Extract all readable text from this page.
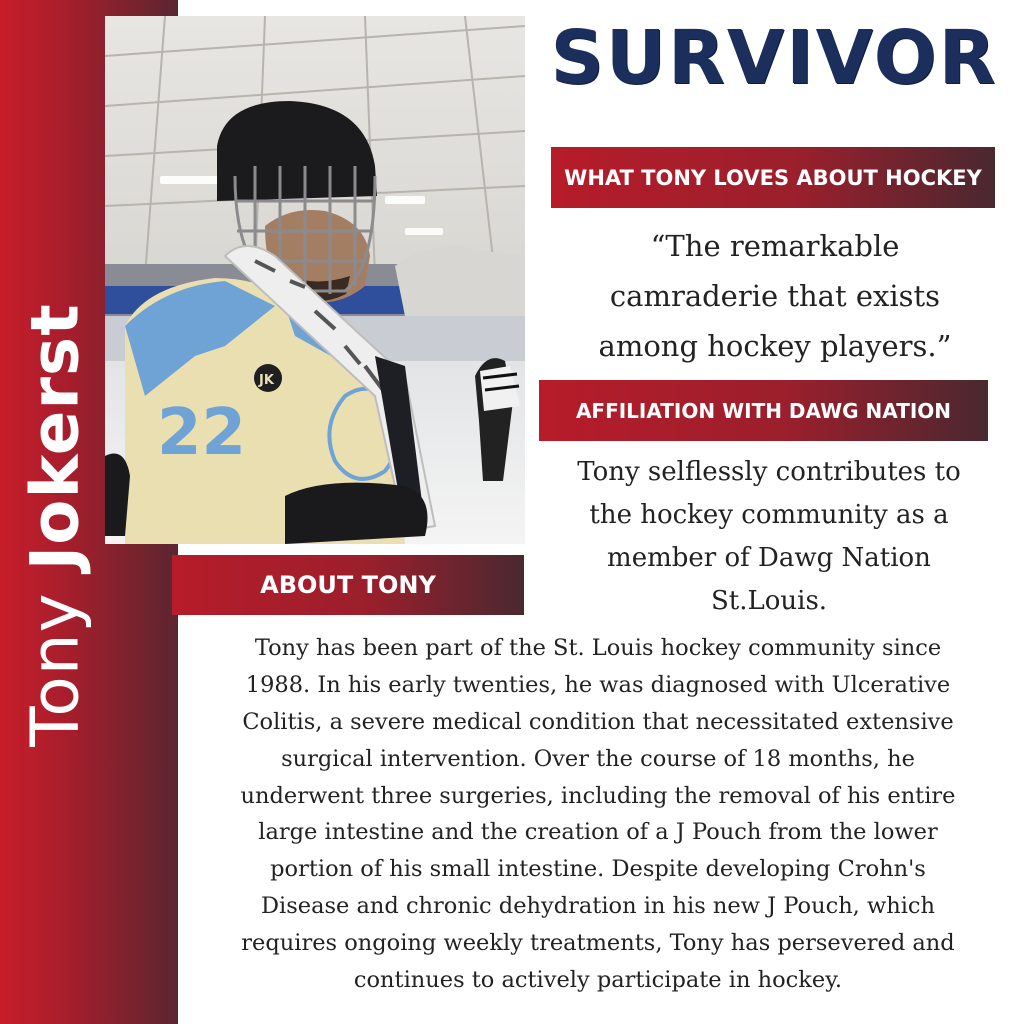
Tony Jokerst 22
JK
SURVIVOR
WHAT TONY LOVES ABOUT HOCKEY
“The remarkable
camraderie that exists
among hockey players.”
AFFILIATION WITH DAWG NATION
Tony selflessly contributes to
the hockey community as a
member of Dawg Nation
St.Louis.
ABOUT TONY
Tony has been part of the St. Louis hockey community since
1988. In his early twenties, he was diagnosed with Ulcerative
Colitis, a severe medical condition that necessitated extensive
surgical intervention. Over the course of 18 months, he
underwent three surgeries, including the removal of his entire
large intestine and the creation of a J Pouch from the lower
portion of his small intestine. Despite developing Crohn's
Disease and chronic dehydration in his new J Pouch, which
requires ongoing weekly treatments, Tony has persevered and
continues to actively participate in hockey.
